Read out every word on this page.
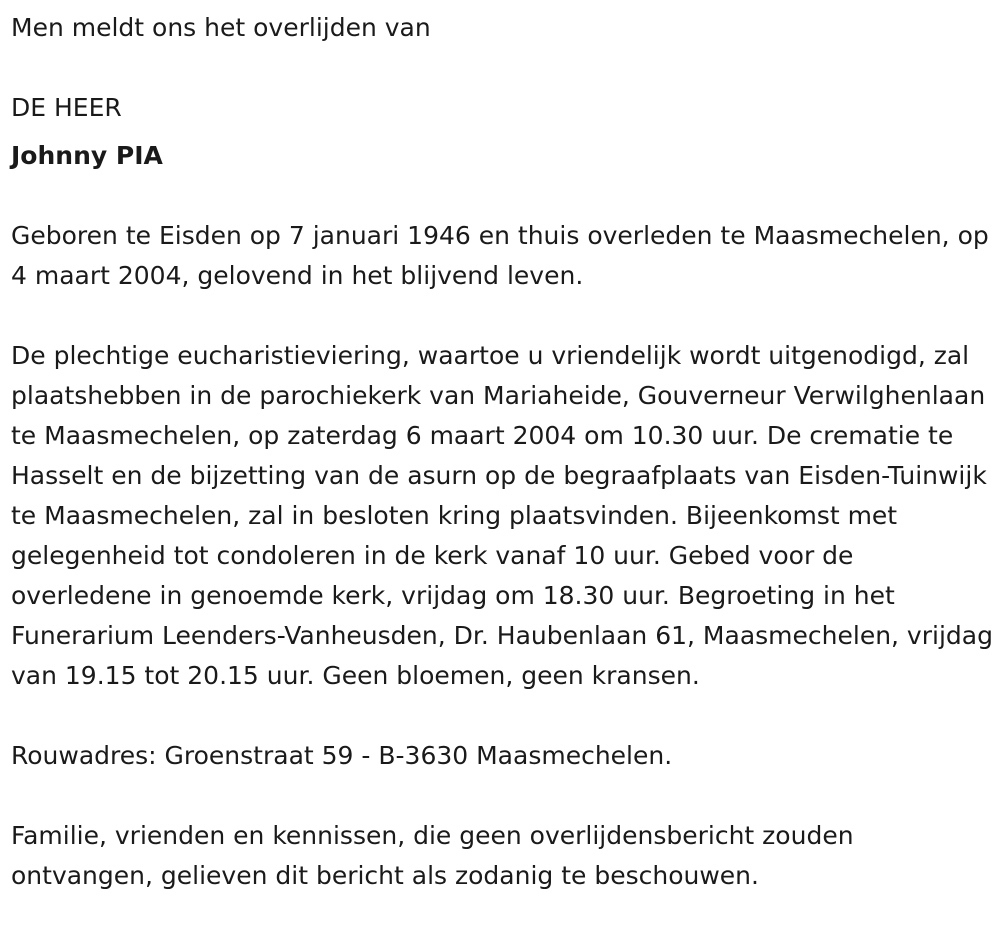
Men meldt ons het overlijden van

DE HEER

Johnny PIA

Geboren te Eisden op 7 januari 1946 en thuis overleden te Maasmechelen, op 4 maart 2004, gelovend in het blijvend leven.

De plechtige eucharistieviering, waartoe u vriendelijk wordt uitgenodigd, zal plaatshebben in de parochiekerk van Mariaheide, Gouverneur Verwilghenlaan te Maasmechelen, op zaterdag 6 maart 2004 om 10.30 uur. De crematie te Hasselt en de bijzetting van de asurn op de begraafplaats van Eisden-Tuinwijk te Maasmechelen, zal in besloten kring plaatsvinden. Bijeenkomst met gelegenheid tot condoleren in de kerk vanaf 10 uur. Gebed voor de overledene in genoemde kerk, vrijdag om 18.30 uur. Begroeting in het Funerarium Leenders-Vanheusden, Dr. Haubenlaan 61, Maasmechelen, vrijdag van 19.15 tot 20.15 uur. Geen bloemen, geen kransen.

Rouwadres: Groenstraat 59 - B-3630 Maasmechelen.

Familie, vrienden en kennissen, die geen overlijdensbericht zouden ontvangen, gelieven dit bericht als zodanig te beschouwen.
